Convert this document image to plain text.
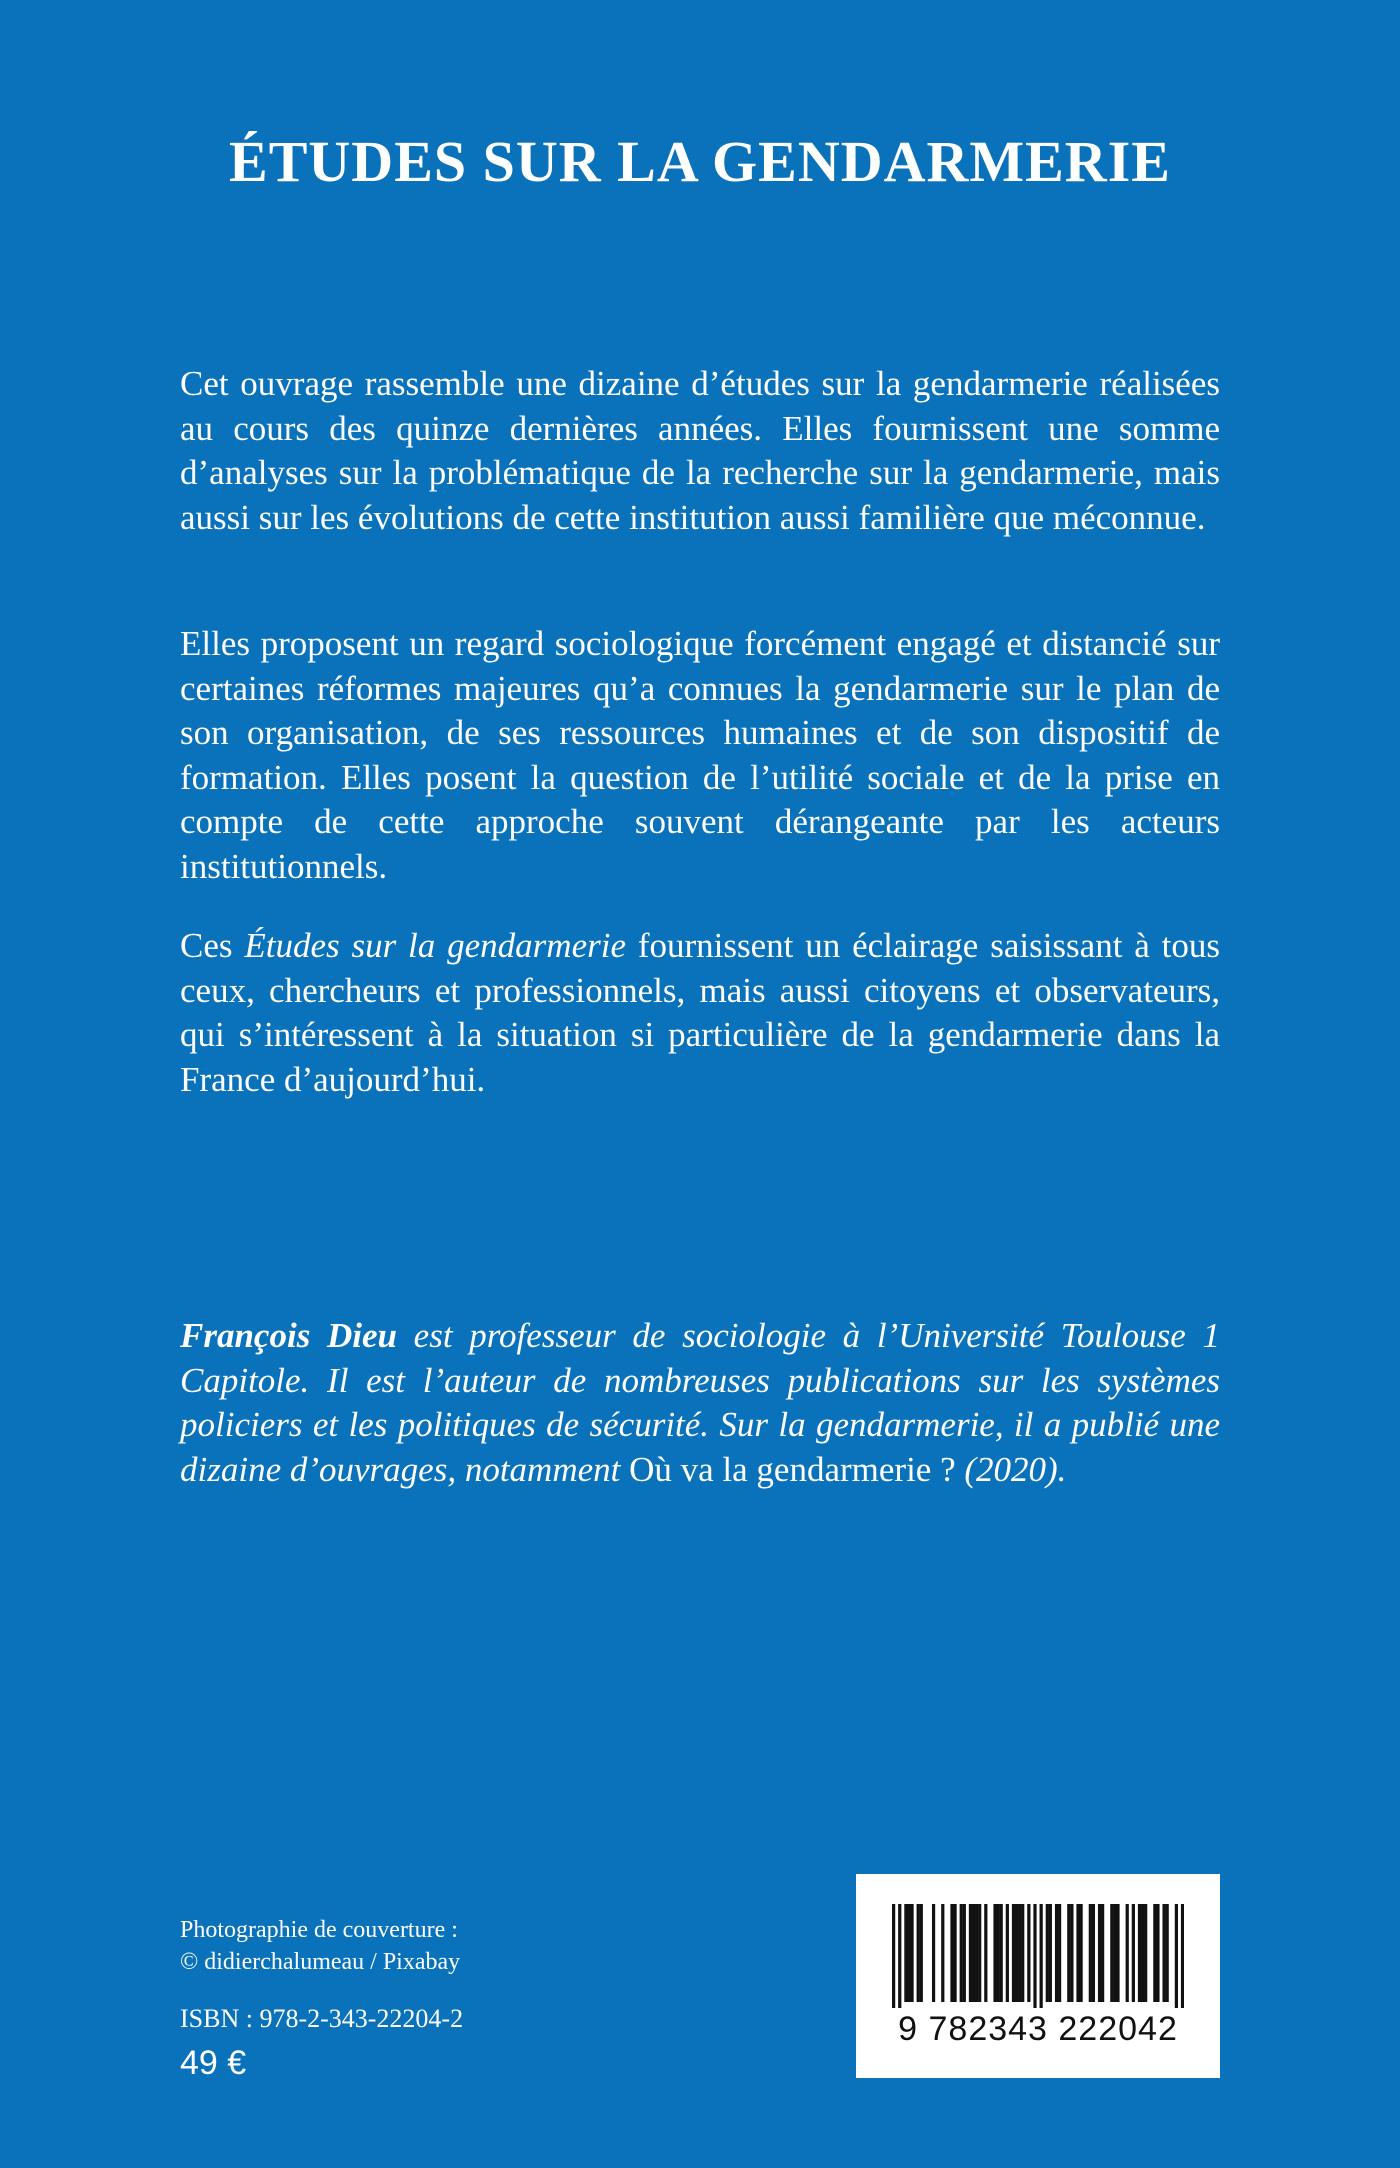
ÉTUDES SUR LA GENDARMERIE

Cet ouvrage rassemble une dizaine d’études sur la gendarmerie réalisées au cours des quinze dernières années. Elles fournissent une somme d’analyses sur la problématique de la recherche sur la gendarmerie, mais aussi sur les évolutions de cette institution aussi familière que méconnue.

Elles proposent un regard sociologique forcément engagé et distancié sur certaines réformes majeures qu’a connues la gendarmerie sur le plan de son organisation, de ses ressources humaines et de son dispositif de formation. Elles posent la question de l’utilité sociale et de la prise en compte de cette approche souvent dérangeante par les acteurs institutionnels.

Ces Études sur la gendarmerie fournissent un éclairage saisissant à tous ceux, chercheurs et professionnels, mais aussi citoyens et observateurs, qui s’intéressent à la situation si particulière de la gendarmerie dans la France d’aujourd’hui.

François Dieu est professeur de sociologie à l’Université Toulouse 1 Capitole. Il est l’auteur de nombreuses publications sur les systèmes policiers et les politiques de sécurité. Sur la gendarmerie, il a publié une dizaine d’ouvrages, notamment Où va la gendarmerie ? (2020).

Photographie de couverture :
© didierchalumeau / Pixabay
ISBN : 978-2-343-22204-2
49 €
9 782343 222042
